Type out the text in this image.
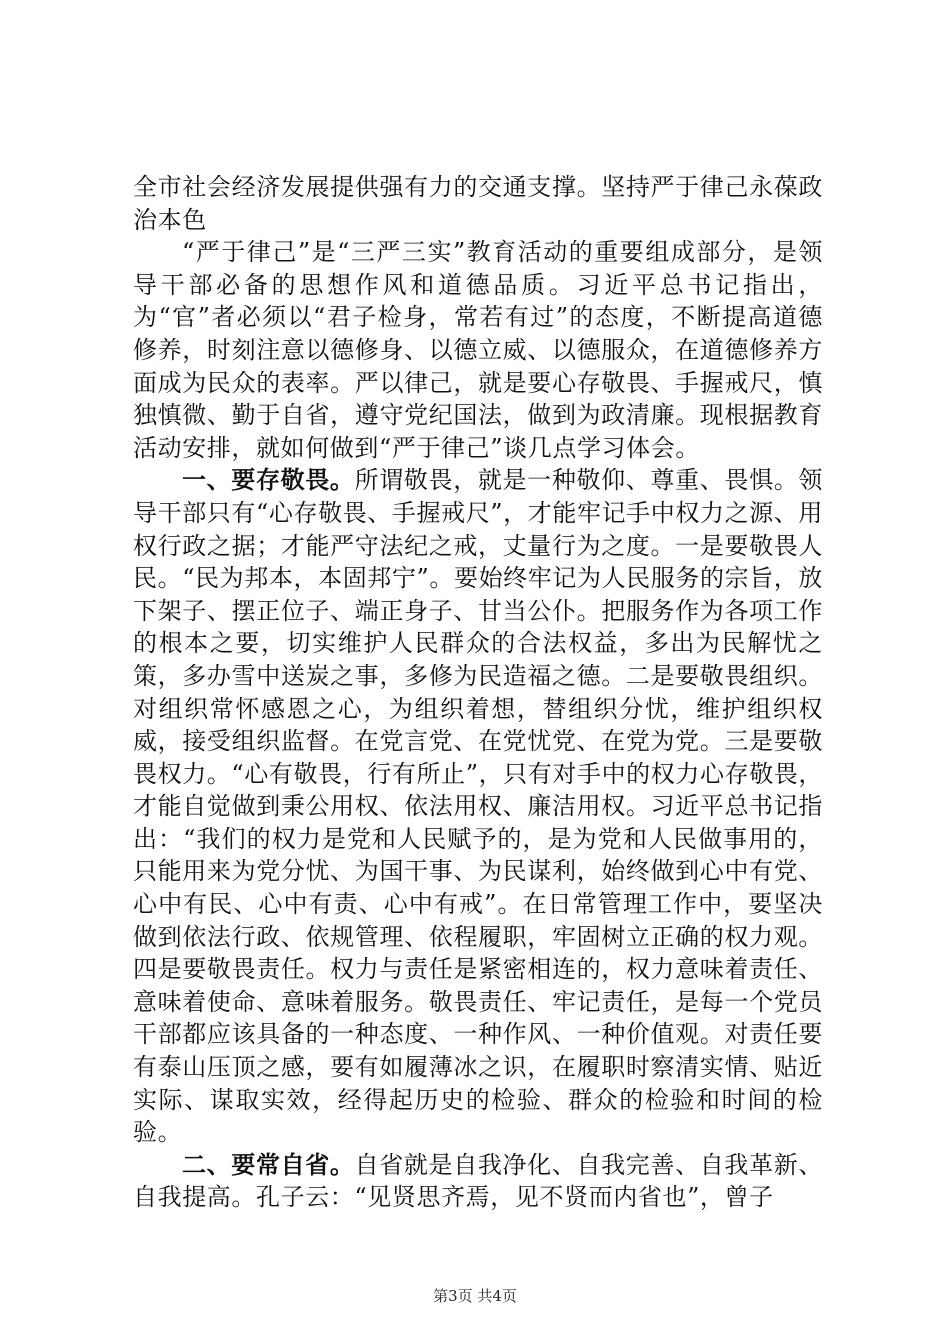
全市社会经济发展提供强有力的交通支撑。坚持严于律己永葆政治本色

“严于律己”是“三严三实”教育活动的重要组成部分，是领导干部必备的思想作风和道德品质。习近平总书记指出，为“官”者必须以“君子检身，常若有过”的态度，不断提高道德修养，时刻注意以德修身、以德立威、以德服众，在道德修养方面成为民众的表率。严以律己，就是要心存敬畏、手握戒尺，慎独慎微、勤于自省，遵守党纪国法，做到为政清廉。现根据教育活动安排，就如何做到“严于律己”谈几点学习体会。

一、要存敬畏。所谓敬畏，就是一种敬仰、尊重、畏惧。领导干部只有“心存敬畏、手握戒尺”，才能牢记手中权力之源、用权行政之据；才能严守法纪之戒，丈量行为之度。一是要敬畏人民。“民为邦本，本固邦宁”。要始终牢记为人民服务的宗旨，放下架子、摆正位子、端正身子、甘当公仆。把服务作为各项工作的根本之要，切实维护人民群众的合法权益，多出为民解忧之策，多办雪中送炭之事，多修为民造福之德。二是要敬畏组织。对组织常怀感恩之心，为组织着想，替组织分忧，维护组织权威，接受组织监督。在党言党、在党忧党、在党为党。三是要敬畏权力。“心有敬畏，行有所止”，只有对手中的权力心存敬畏，才能自觉做到秉公用权、依法用权、廉洁用权。习近平总书记指出：“我们的权力是党和人民赋予的，是为党和人民做事用的，只能用来为党分忧、为国干事、为民谋利，始终做到心中有党、心中有民、心中有责、心中有戒”。在日常管理工作中，要坚决做到依法行政、依规管理、依程履职，牢固树立正确的权力观。四是要敬畏责任。权力与责任是紧密相连的，权力意味着责任、意味着使命、意味着服务。敬畏责任、牢记责任，是每一个党员干部都应该具备的一种态度、一种作风、一种价值观。对责任要有泰山压顶之感，要有如履薄冰之识，在履职时察清实情、贴近实际、谋取实效，经得起历史的检验、群众的检验和时间的检验。

二、要常自省。自省就是自我净化、自我完善、自我革新、自我提高。孔子云：“见贤思齐焉，见不贤而内省也”，曾子

第3页 共4页
